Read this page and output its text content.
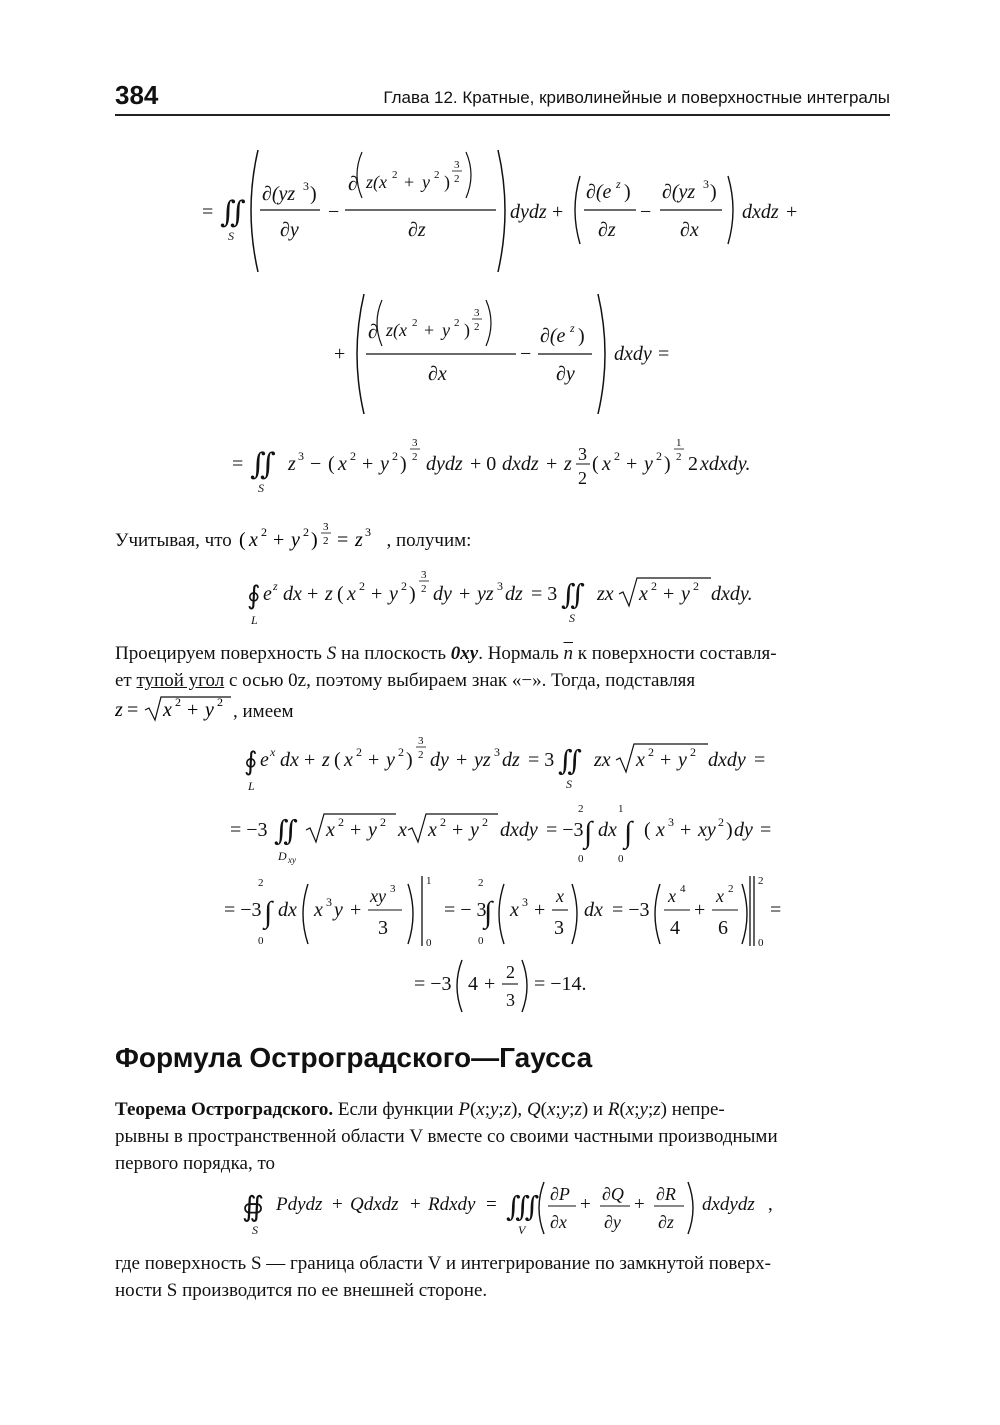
384	Глава 12. Кратные, криволинейные и поверхностные интегралы
= ∬
S
∂(yz 3 )
∂y
−
∂ z(x 2 + y 2 )
3
2
∂z
dydz +
∂(e z )
∂z
−
∂(yz 3 )
∂x
dxdz +
+
∂ z(x 2 + y 2 )
3
2
∂x
−
∂(e z )
∂y
dxdy =
= ∬
S
z 3 − ( x 2 + y 2 )
3
2 dydz + 0 dxdz + z 3
2
( x 2 + y 2 )
1
2 2 xdxdy.

Учитывая, что ( x 2 + y 2 )
3
2 = z 3 , получим:

∮
L
e z dx + z ( x 2 + y 2 )
3
2 dy + yz 3 dz = 3 ∬
S
zx x 2 + y 2 dxdy.
Проецируем поверхность S на плоскость 0xy. Нормаль $\overline{n}$ к поверхности составля-
ет тупой угол с осью 0z, поэтому выбираем знак «−». Тогда, подставляя
z = x 2 + y 2 , имеем
∮
L
e x dx + z ( x 2 + y 2 )
3
2 dy + yz 3 dz = 3 ∬
S
zx x 2 + y 2 dxdy =
= −3 ∬
D xy
x 2 + y 2 x x 2 + y 2 dxdy = −3 ∫
2
0
dx ∫
1
0
( x 3 + xy 2 ) dy =
= −3 ∫
2
0
dx x 3 y +
xy 3
3
1
0
= − 3
∫
2
0
x 3 +
x
3
dx = −3
x 4
4
+
x 2
6
2
0
=
= −3 4 +
2
3
= −14.
Формула Остроградского—Гаусса
Теорема Остроградского. Если функции P(x;y;z), Q(x;y;z) и R(x;y;z) непре-
рывны в пространственной области V вместе со своими частными производными
первого порядка, то
∯
S
Pdydz + Qdxdz + Rdxdy = ∭
V
∂P
∂x
+ ∂Q
∂y
+ ∂R
∂z
dxdydz ,
где поверхность S — граница области V и интегрирование по замкнутой поверх-
ности S производится по ее внешней стороне.
